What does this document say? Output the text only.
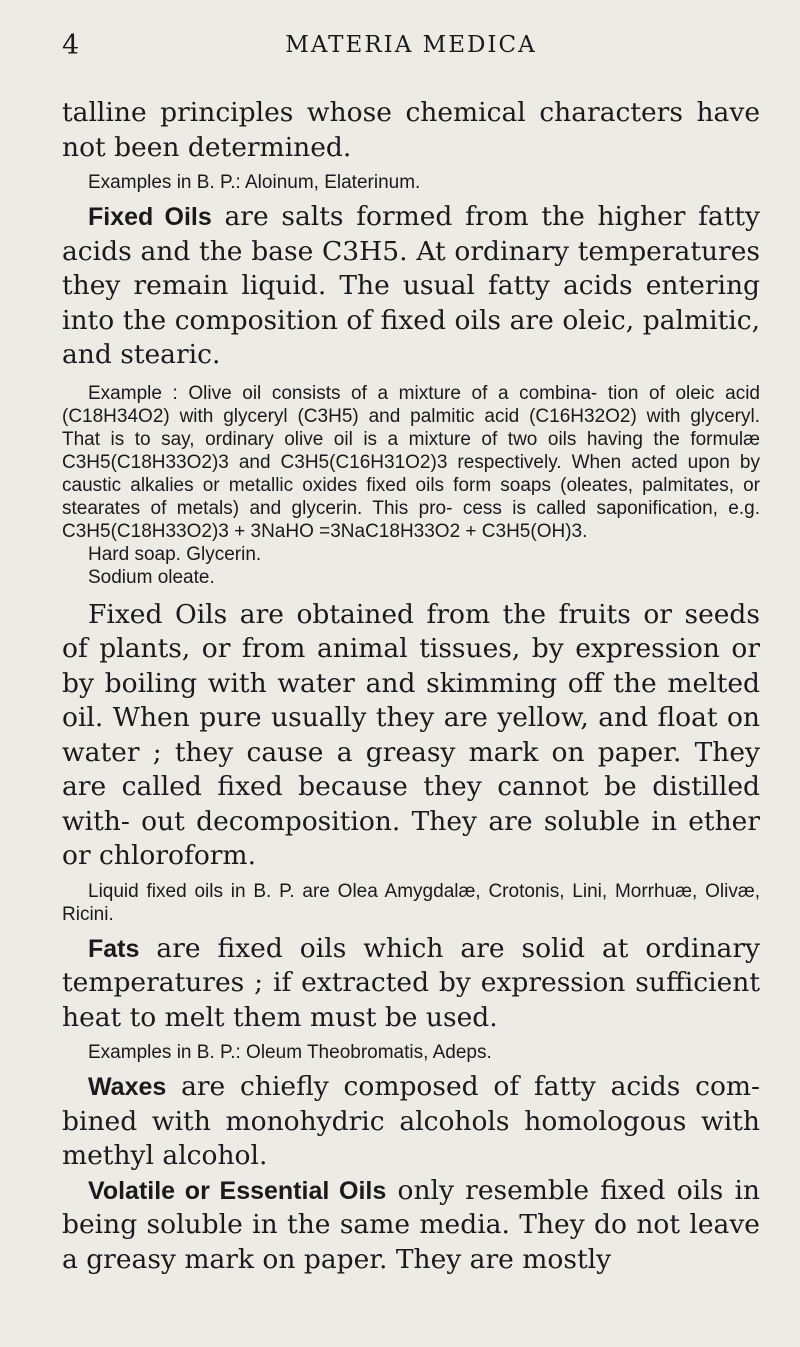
4	MATERIA MEDICA

talline principles whose chemical characters have not been determined.

Examples in B. P.: Aloinum, Elaterinum.

Fixed Oils are salts formed from the higher fatty acids and the base C3H5. At ordinary temperatures they remain liquid. The usual fatty acids entering into the composition of fixed oils are oleic, palmitic, and stearic.

Example : Olive oil consists of a mixture of a combina- tion of oleic acid (C18H34O2) with glyceryl (C3H5) and palmitic acid (C16H32O2) with glyceryl. That is to say, ordinary olive oil is a mixture of two oils having the formulæ C3H5(C18H33O2)3 and C3H5(C16H31O2)3 respectively. When acted upon by caustic alkalies or metallic oxides fixed oils form soaps (oleates, palmitates, or stearates of metals) and glycerin. This pro- cess is called saponification, e.g. C3H5(C18H33O2)3 + 3NaHO =3NaC18H33O2 + C3H5(OH)3.
Hard soap. Glycerin.
Sodium oleate.

Fixed Oils are obtained from the fruits or seeds of plants, or from animal tissues, by expression or by boiling with water and skimming off the melted oil. When pure usually they are yellow, and float on water ; they cause a greasy mark on paper. They are called fixed because they cannot be distilled with- out decomposition. They are soluble in ether or chloroform.

Liquid fixed oils in B. P. are Olea Amygdalæ, Crotonis, Lini, Morrhuæ, Olivæ, Ricini.

Fats are fixed oils which are solid at ordinary temperatures ; if extracted by expression sufficient heat to melt them must be used.

Examples in B. P.: Oleum Theobromatis, Adeps.

Waxes are chiefly composed of fatty acids com- bined with monohydric alcohols homologous with methyl alcohol.

Volatile or Essential Oils only resemble fixed oils in being soluble in the same media. They do not leave a greasy mark on paper. They are mostly
